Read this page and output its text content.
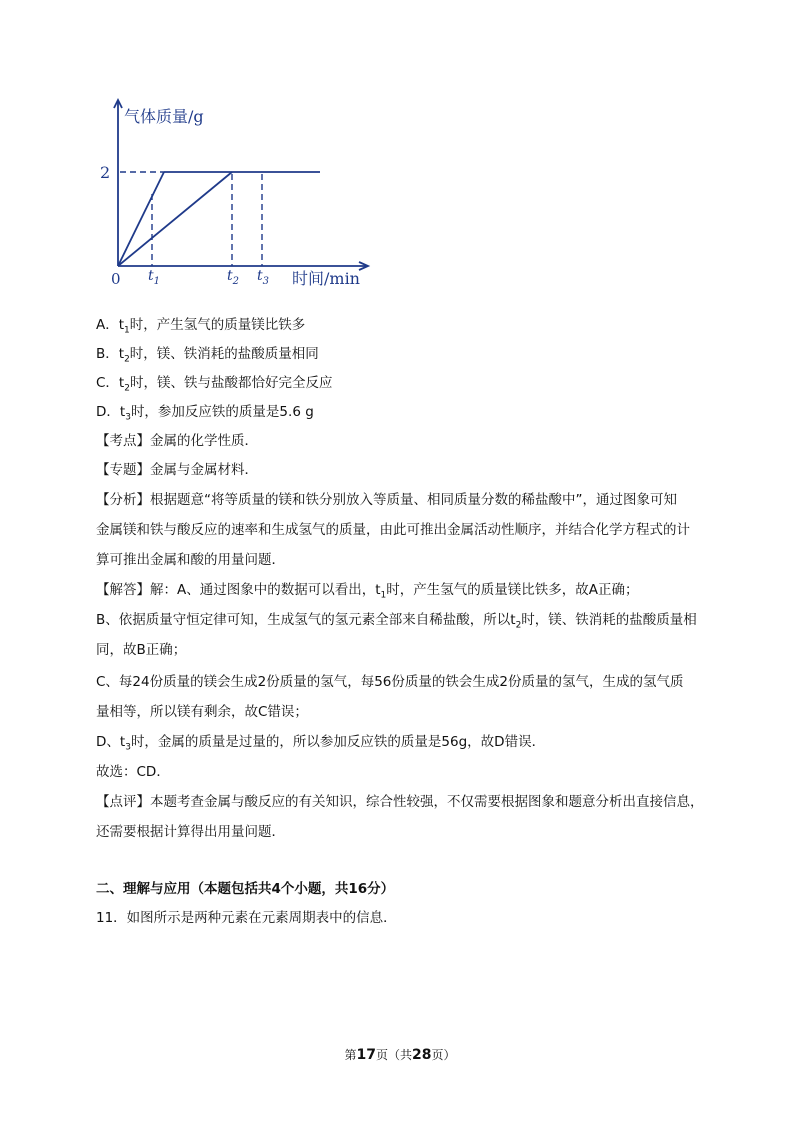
气体质量/g
时间/min
2
0 $t_1$	$t_2$ $t_3$
A．$t_1$时，产生氢气的质量镁比铁多
B．$t_2$时，镁、铁消耗的盐酸质量相同
C．$t_2$时，镁、铁与盐酸都恰好完全反应
D．$t_3$时，参加反应铁的质量是5.6 g
【考点】金属的化学性质．
【专题】金属与金属材料．
【分析】根据题意“将等质量的镁和铁分别放入等质量、相同质量分数的稀盐酸中”，通过图象可知
金属镁和铁与酸反应的速率和生成氢气的质量，由此可推出金属活动性顺序，并结合化学方程式的计
算可推出金属和酸的用量问题．
【解答】解：A、通过图象中的数据可以看出，$t_1$时，产生氢气的质量镁比铁多，故A正确；
B、依据质量守恒定律可知，生成氢气的氢元素全部来自稀盐酸，所以$t_2$时，镁、铁消耗的盐酸质量相
同，故B正确；
C、每24份质量的镁会生成2份质量的氢气，每56份质量的铁会生成2份质量的氢气，生成的氢气质
量相等，所以镁有剩余，故C错误；
D、$t_3$时，金属的质量是过量的，所以参加反应铁的质量是56g，故D错误．
故选：CD．
【点评】本题考查金属与酸反应的有关知识，综合性较强，不仅需要根据图象和题意分析出直接信息，
还需要根据计算得出用量问题．
二、理解与应用（本题包括共4个小题，共16分）
11．如图所示是两种元素在元素周期表中的信息．
第17页（共28页）
